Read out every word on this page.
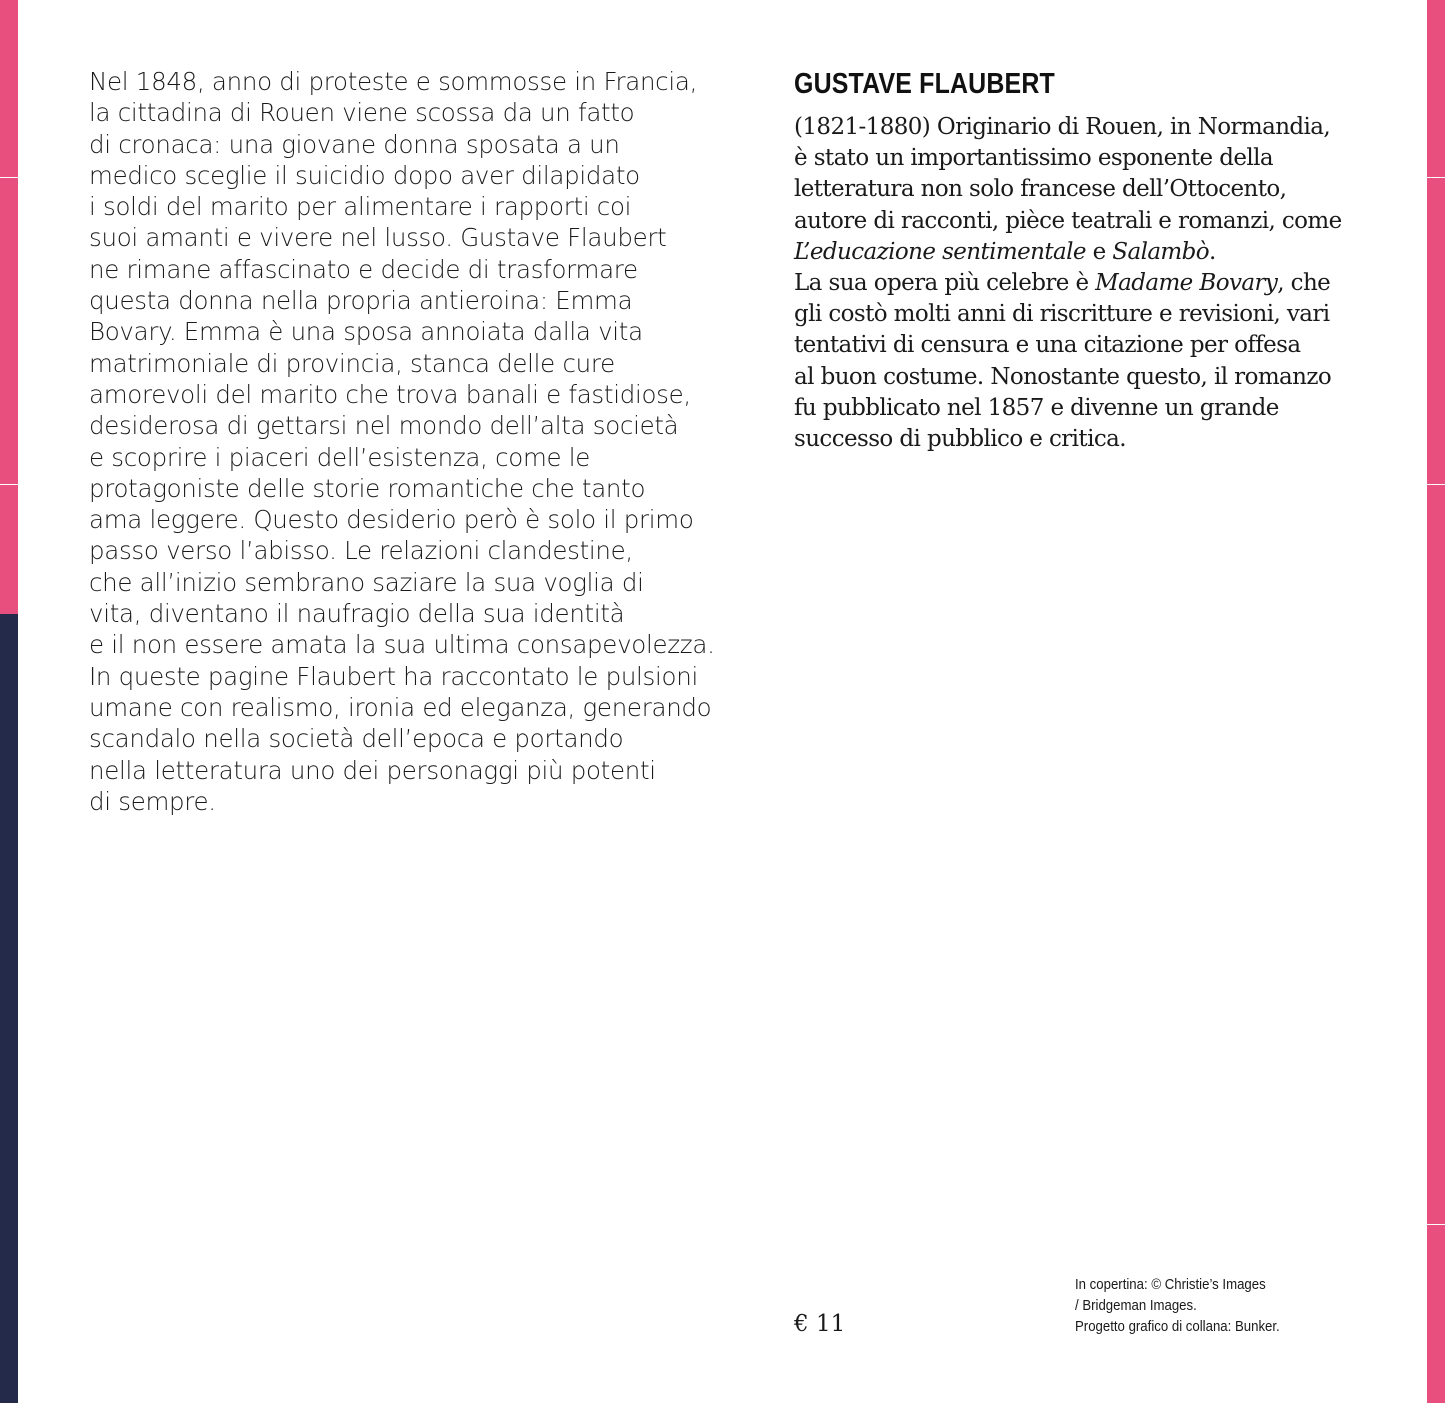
Nel 1848, anno di proteste e sommosse in Francia,
la cittadina di Rouen viene scossa da un fatto
di cronaca: una giovane donna sposata a un
medico sceglie il suicidio dopo aver dilapidato
i soldi del marito per alimentare i rapporti coi
suoi amanti e vivere nel lusso. Gustave Flaubert
ne rimane affascinato e decide di trasformare
questa donna nella propria antieroina: Emma
Bovary. Emma è una sposa annoiata dalla vita
matrimoniale di provincia, stanca delle cure
amorevoli del marito che trova banali e fastidiose,
desiderosa di gettarsi nel mondo dell’alta società
e scoprire i piaceri dell’esistenza, come le
protagoniste delle storie romantiche che tanto
ama leggere. Questo desiderio però è solo il primo
passo verso l’abisso. Le relazioni clandestine,
che all’inizio sembrano saziare la sua voglia di
vita, diventano il naufragio della sua identità
e il non essere amata la sua ultima consapevolezza.
In queste pagine Flaubert ha raccontato le pulsioni
umane con realismo, ironia ed eleganza, generando
scandalo nella società dell’epoca e portando
nella letteratura uno dei personaggi più potenti
di sempre.
GUSTAVE FLAUBERT
(1821-1880) Originario di Rouen, in Normandia,
è stato un importantissimo esponente della
letteratura non solo francese dell’Ottocento,
autore di racconti, pièce teatrali e romanzi, come
L’educazione sentimentale e Salambò.
La sua opera più celebre è Madame Bovary, che
gli costò molti anni di riscritture e revisioni, vari
tentativi di censura e una citazione per offesa
al buon costume. Nonostante questo, il romanzo
fu pubblicato nel 1857 e divenne un grande
successo di pubblico e critica.
€ 11
In copertina: © Christie’s Images
/ Bridgeman Images.
Progetto grafico di collana: Bunker.
